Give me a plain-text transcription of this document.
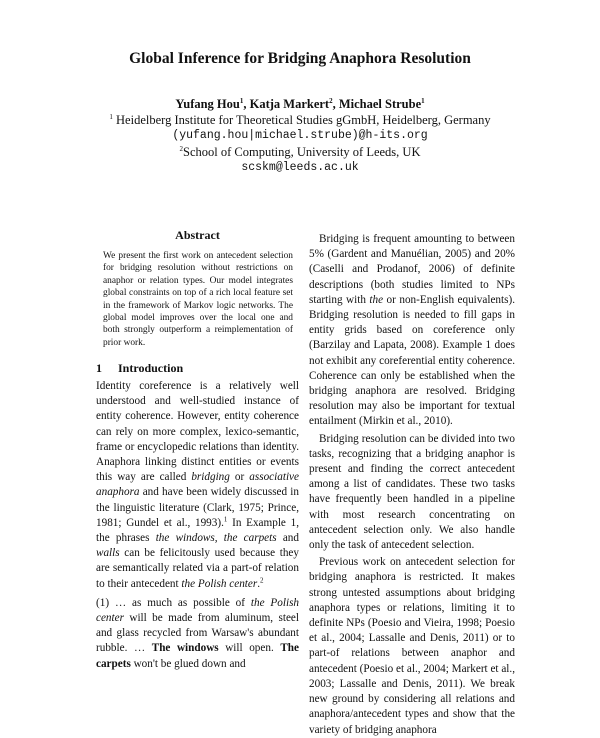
Global Inference for Bridging Anaphora Resolution
Yufang Hou$^1$, Katja Markert$^2$, Michael Strube$^1$
$^1$ Heidelberg Institute for Theoretical Studies gGmbH, Heidelberg, Germany
(yufang.hou|michael.strube)@h-its.org
$^2$School of Computing, University of Leeds, UK
scskm@leeds.ac.uk
Abstract
We present the first work on antecedent selection for bridging resolution without restrictions on anaphor or relation types. Our model integrates global constraints on top of a rich local feature set in the framework of Markov logic networks. The global model improves over the local one and both strongly outperform a reimplementation of prior work.
1 Introduction

Identity coreference is a relatively well understood and well-studied instance of entity coherence. However, entity coherence can rely on more complex, lexico-semantic, frame or encyclopedic relations than identity. Anaphora linking distinct entities or events this way are called bridging or associative anaphora and have been widely discussed in the linguistic literature (Clark, 1975; Prince, 1981; Gundel et al., 1993).$^1$ In Example 1, the phrases the windows, the carpets and walls can be felicitously used because they are semantically related via a part-of relation to their antecedent the Polish center.$^2$

(1) … as much as possible of the Polish center will be made from aluminum, steel and glass recycled from Warsaw's abundant rubble. … The windows will open. The carpets won't be glued down and

Bridging is frequent amounting to between 5% (Gardent and Manuélian, 2005) and 20% (Caselli and Prodanof, 2006) of definite descriptions (both studies limited to NPs starting with the or non-English equivalents). Bridging resolution is needed to fill gaps in entity grids based on coreference only (Barzilay and Lapata, 2008). Example 1 does not exhibit any coreferential entity coherence. Coherence can only be established when the bridging anaphora are resolved. Bridging resolution may also be important for textual entailment (Mirkin et al., 2010).

Bridging resolution can be divided into two tasks, recognizing that a bridging anaphor is present and finding the correct antecedent among a list of candidates. These two tasks have frequently been handled in a pipeline with most research concentrating on antecedent selection only. We also handle only the task of antecedent selection.

Previous work on antecedent selection for bridging anaphora is restricted. It makes strong untested assumptions about bridging anaphora types or relations, limiting it to definite NPs (Poesio and Vieira, 1998; Poesio et al., 2004; Lassalle and Denis, 2011) or to part-of relations between anaphor and antecedent (Poesio et al., 2004; Markert et al., 2003; Lassalle and Denis, 2011). We break new ground by considering all relations and anaphora/antecedent types and show that the variety of bridging anaphora
